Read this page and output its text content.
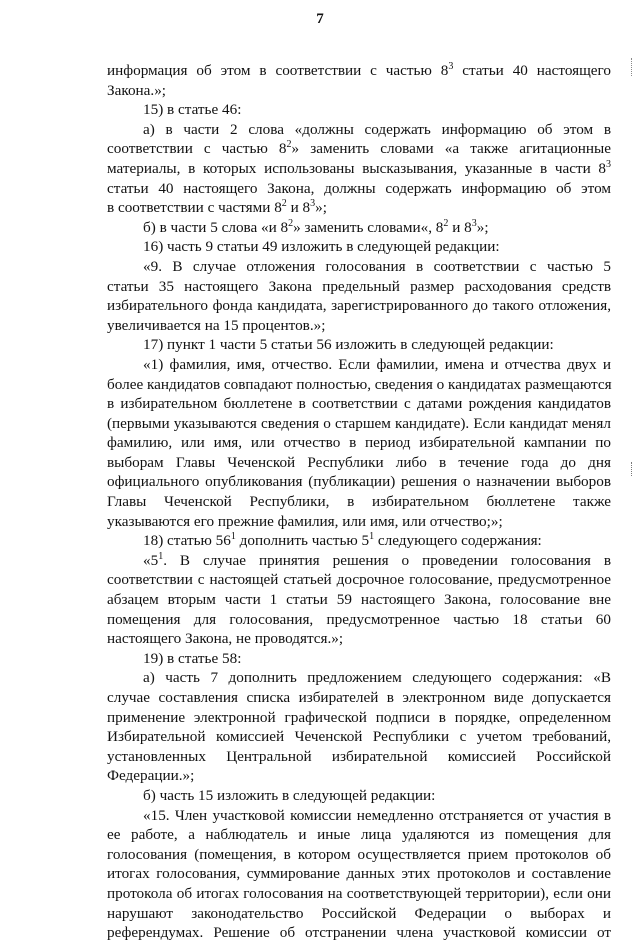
7
информация об этом в соответствии с частью $8^3$ статьи 40 настоящего
Закона.»;
15) в статье 46:
а) в части 2 слова «должны содержать информацию об этом в
соответствии с частью $8^2$» заменить словами «а также агитационные
материалы, в которых использованы высказывания, указанные в части $8^3$
статьи 40 настоящего Закона, должны содержать информацию об этом
в соответствии с частями $8^2$ и $8^3$»;
б) в части 5 слова «и $8^2$» заменить словами«, $8^2$ и $8^3$»;
16) часть 9 статьи 49 изложить в следующей редакции:
«9. В случае отложения голосования в соответствии с частью 5
статьи 35 настоящего Закона предельный размер расходования средств
избирательного фонда кандидата, зарегистрированного до такого отложения,
увеличивается на 15 процентов.»;
17) пункт 1 части 5 статьи 56 изложить в следующей редакции:
«1) фамилия, имя, отчество. Если фамилии, имена и отчества двух и
более кандидатов совпадают полностью, сведения о кандидатах размещаются
в избирательном бюллетене в соответствии с датами рождения кандидатов
(первыми указываются сведения о старшем кандидате). Если кандидат менял
фамилию, или имя, или отчество в период избирательной кампании по
выборам Главы Чеченской Республики либо в течение года до дня
официального опубликования (публикации) решения о назначении выборов
Главы Чеченской Республики, в избирательном бюллетене также
указываются его прежние фамилия, или имя, или отчество;»;
18) статью $56^1$ дополнить частью $5^1$ следующего содержания:
«$5^1$. В случае принятия решения о проведении голосования в
соответствии с настоящей статьей досрочное голосование, предусмотренное
абзацем вторым части 1 статьи 59 настоящего Закона, голосование вне
помещения для голосования, предусмотренное частью 18 статьи 60
настоящего Закона, не проводятся.»;
19) в статье 58:
а) часть 7 дополнить предложением следующего содержания: «В
случае составления списка избирателей в электронном виде допускается
применение электронной графической подписи в порядке, определенном
Избирательной комиссией Чеченской Республики с учетом требований,
установленных Центральной избирательной комиссией Российской
Федерации.»;
б) часть 15 изложить в следующей редакции:
«15. Член участковой комиссии немедленно отстраняется от участия в
ее работе, а наблюдатель и иные лица удаляются из помещения для
голосования (помещения, в котором осуществляется прием протоколов об
итогах голосования, суммирование данных этих протоколов и составление
протокола об итогах голосования на соответствующей территории), если они
нарушают законодательство Российской Федерации о выборах и
референдумах. Решение об отстранении члена участковой комиссии от
